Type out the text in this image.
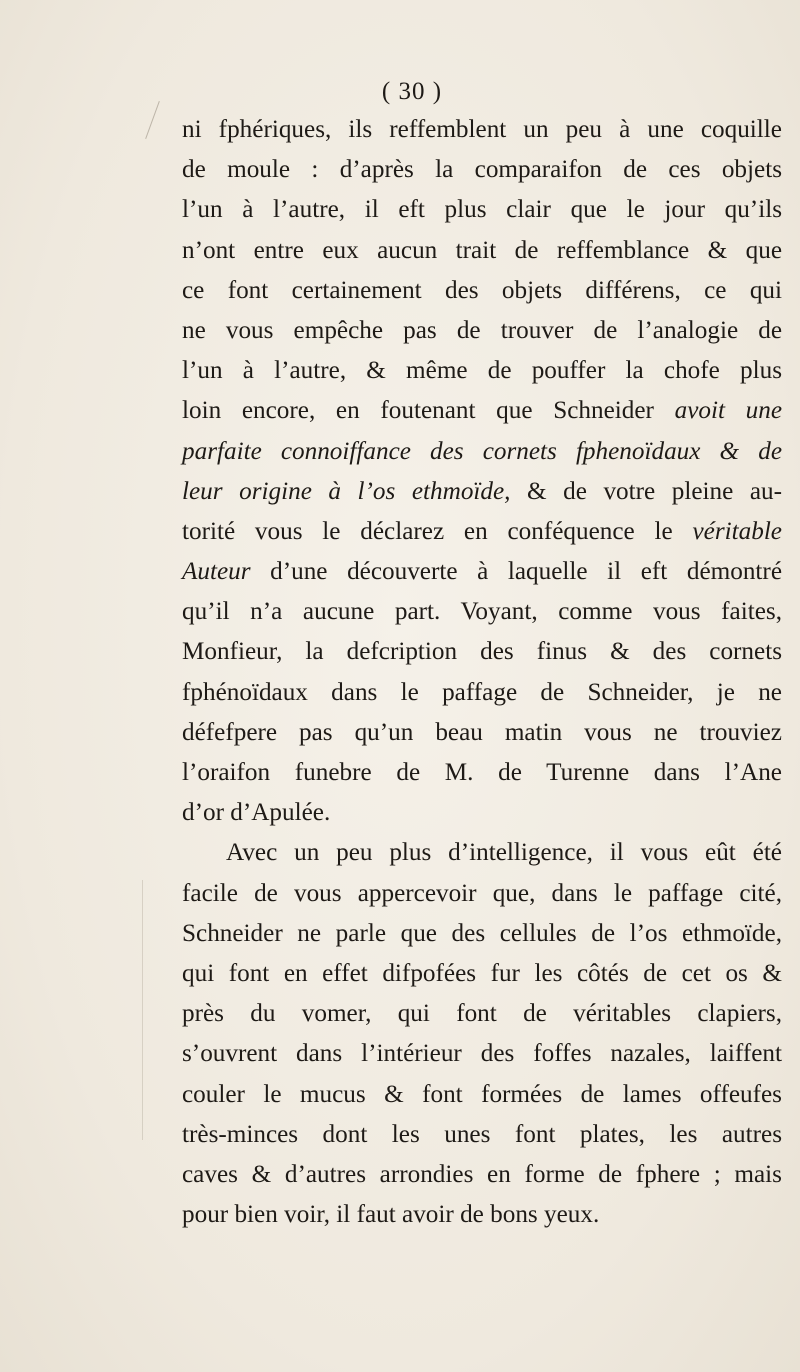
( 30 )
ni fphériques, ils reffemblent un peu à une coquille
de moule : d’après la comparaifon de ces objets
l’un à l’autre, il eft plus clair que le jour qu’ils
n’ont entre eux aucun trait de reffemblance & que
ce font certainement des objets différens, ce qui
ne vous empêche pas de trouver de l’analogie de
l’un à l’autre, & même de pouffer la chofe plus
loin encore, en foutenant que Schneider avoit une
parfaite connoiffance des cornets fphenoïdaux & de
leur origine à l’os ethmoïde, & de votre pleine au-
torité vous le déclarez en conféquence le véritable
Auteur d’une découverte à laquelle il eft démontré
qu’il n’a aucune part. Voyant, comme vous faites,
Monfieur, la defcription des finus & des cornets
fphénoïdaux dans le paffage de Schneider, je ne
défefpere pas qu’un beau matin vous ne trouviez
l’oraifon funebre de M. de Turenne dans l’Ane
d’or d’Apulée.
Avec un peu plus d’intelligence, il vous eût été
facile de vous appercevoir que, dans le paffage cité,
Schneider ne parle que des cellules de l’os ethmoïde,
qui font en effet difpofées fur les côtés de cet os &
près du vomer, qui font de véritables clapiers,
s’ouvrent dans l’intérieur des foffes nazales, laiffent
couler le mucus & font formées de lames offeufes
très-minces dont les unes font plates, les autres
caves & d’autres arrondies en forme de fphere ; mais
pour bien voir, il faut avoir de bons yeux.
